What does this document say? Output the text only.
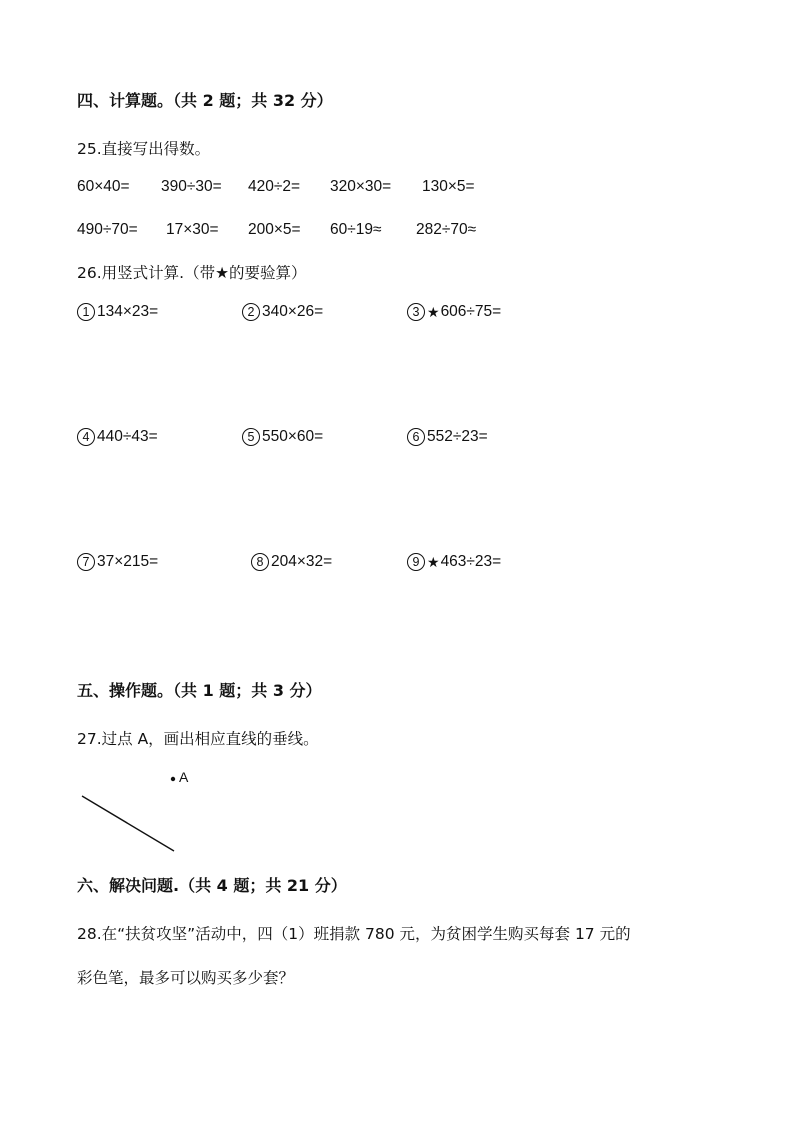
四、计算题。（共 2 题；共 32 分）
25.直接写出得数。
60×40= 390÷30= 420÷2= 320×30= 130×5=
490÷70= 17×30= 200×5= 60÷19≈ 282÷70≈
26.用竖式计算.（带★的要验算）
1 134×23=	2 340×26=	3 ★ 606÷75=
4 440÷43=	5 550×60=	6 552÷23=
7 37×215=	8 204×32=	9 ★ 463÷23=
五、操作题。（共 1 题；共 3 分）
27.过点 A，画出相应直线的垂线。
A
六、解决问题.（共 4 题；共 21 分）
28.在“扶贫攻坚”活动中，四（1）班捐款 780 元，为贫困学生购买每套 17 元的
彩色笔，最多可以购买多少套？
